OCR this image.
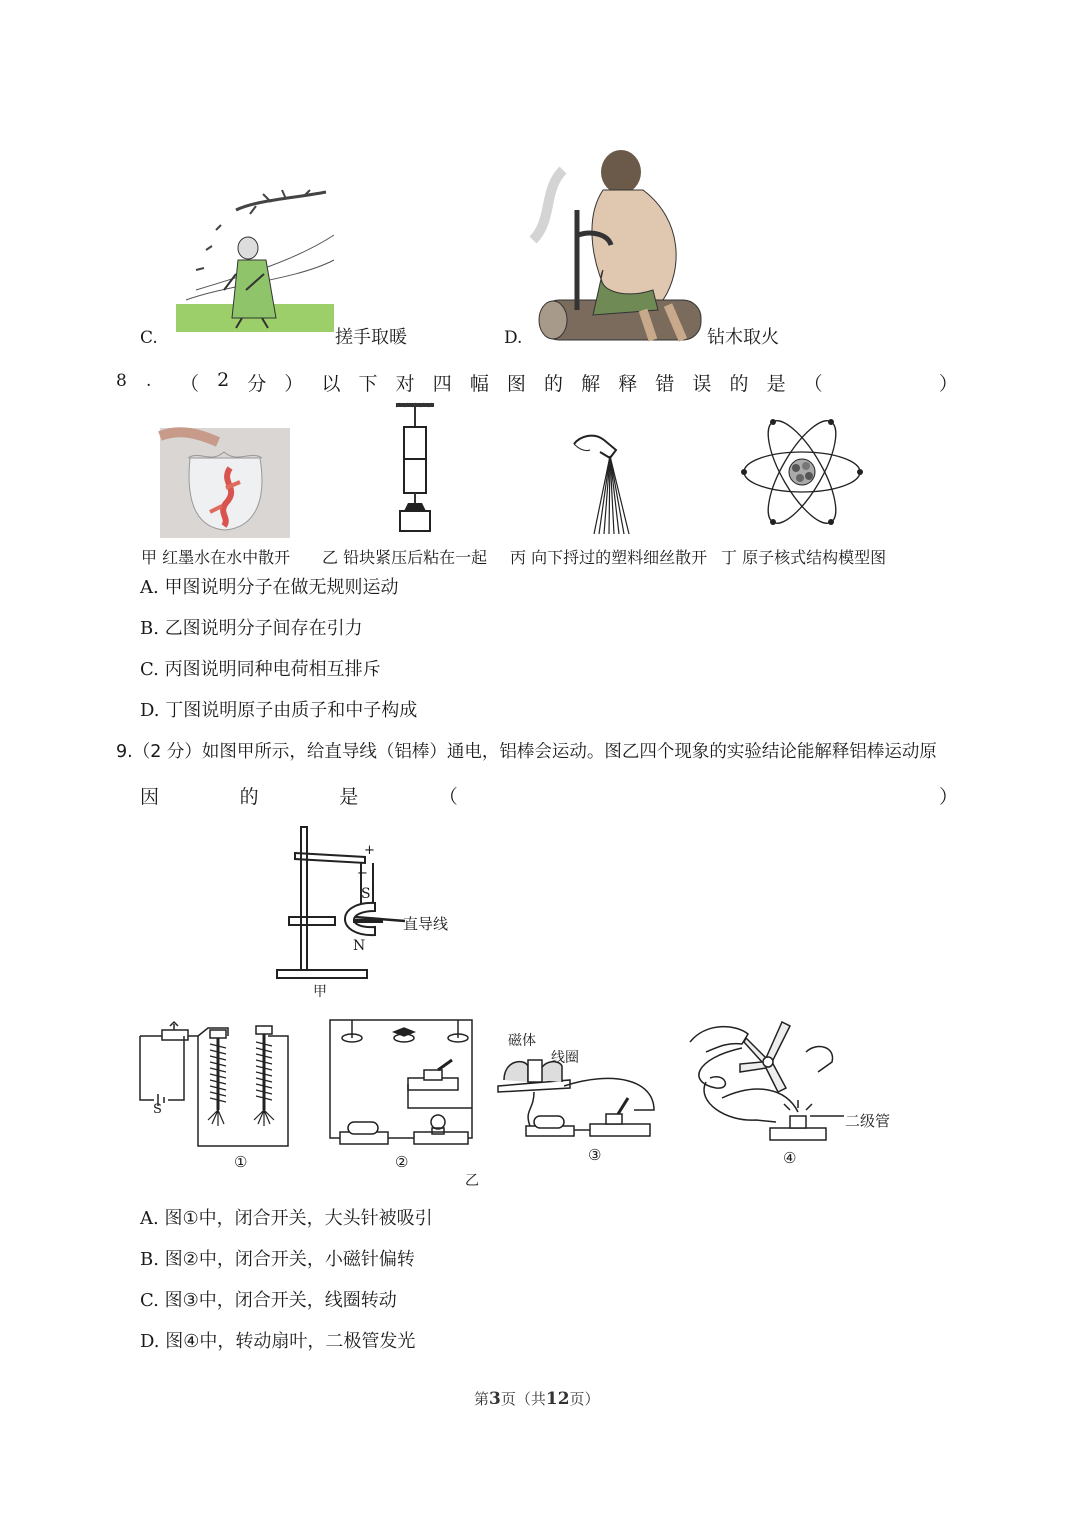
C.	搓手取暖	D.	钻木取火
8 . （ 2 分 ） 以 下 对 四 幅 图 的 解 释 错 误 的 是 （	）
甲 红墨水在水中散开 乙 铅块紧压后粘在一起 丙 向下捋过的塑料细丝散开 丁 原子核式结构模型图
A. 甲图说明分子在做无规则运动
B. 乙图说明分子间存在引力
C. 丙图说明同种电荷相互排斥
D. 丁图说明原子由质子和中子构成
9.（2 分）如图甲所示，给直导线（铝棒）通电，铝棒会运动。图乙四个现象的实验结论能解释铝棒运动原
因	的	是	（	）
+
−
S
N
直导线
甲
S
磁体
线圈
二级管
①	②	③	④
乙
A. 图①中，闭合开关，大头针被吸引
B. 图②中，闭合开关，小磁针偏转
C. 图③中，闭合开关，线圈转动
D. 图④中，转动扇叶，二极管发光
第3页（共12页）
